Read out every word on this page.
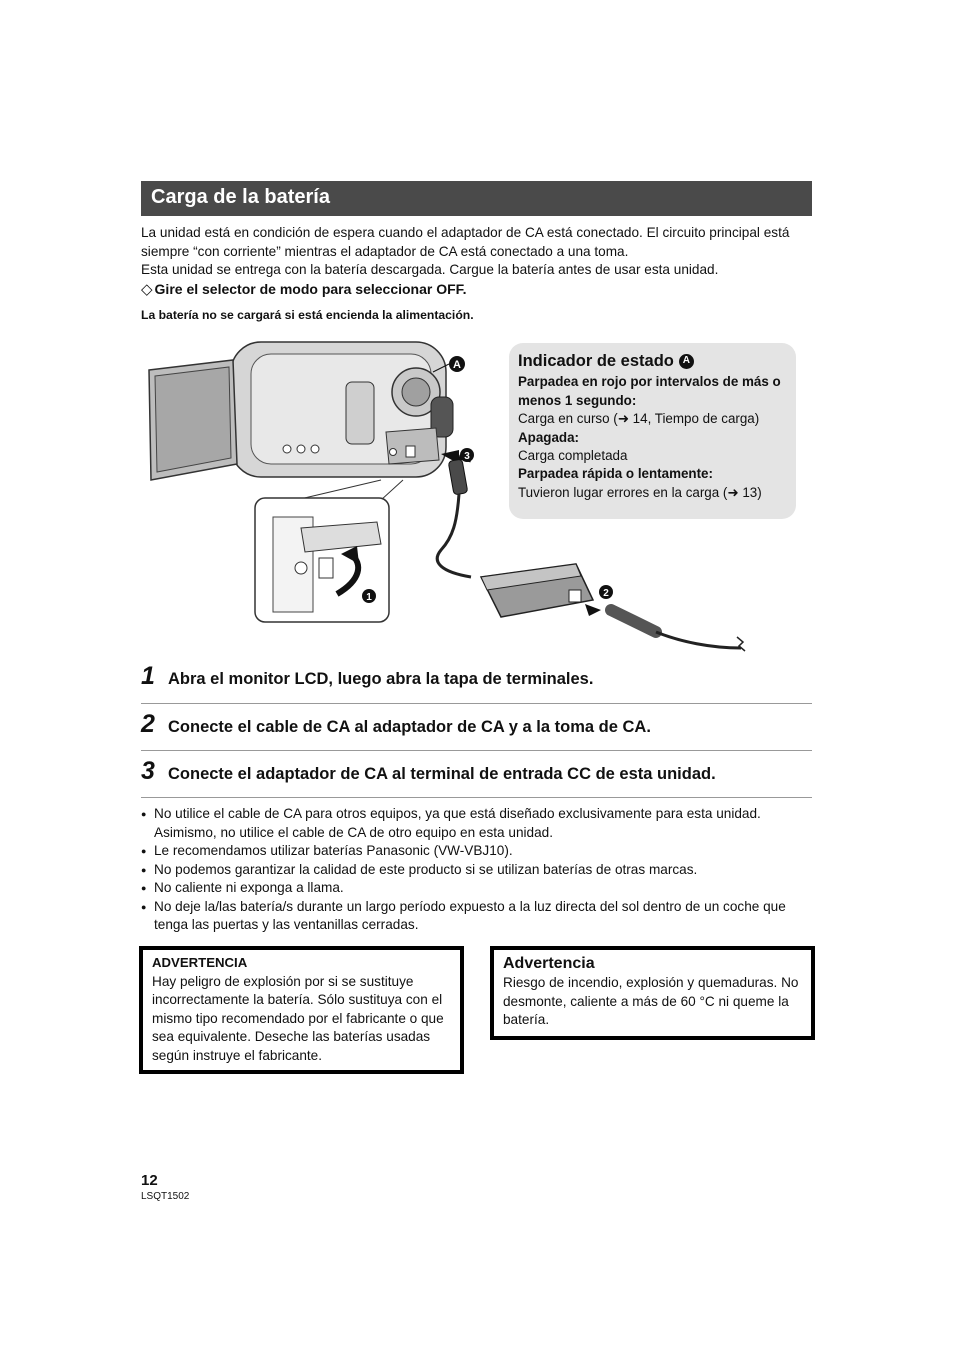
Carga de la batería

La unidad está en condición de espera cuando el adaptador de CA está conectado. El circuito principal está siempre “con corriente” mientras el adaptador de CA está conectado a una toma.

Esta unidad se entrega con la batería descargada. Cargue la batería antes de usar esta unidad.

◇ Gire el selector de modo para seleccionar OFF.
La batería no se cargará si está encienda la alimentación.
A
3
2
1
Indicador de estado A
Parpadea en rojo por intervalos de más o menos 1 segundo:
Carga en curso (➜ 14, Tiempo de carga)
Apagada:
Carga completada
Parpadea rápida o lentamente:
Tuvieron lugar errores en la carga (➜ 13)
1 Abra el monitor LCD, luego abra la tapa de terminales.
2 Conecte el cable de CA al adaptador de CA y a la toma de CA.
3 Conecte el adaptador de CA al terminal de entrada CC de esta unidad.
● No utilice el cable de CA para otros equipos, ya que está diseñado exclusivamente para esta unidad. Asimismo, no utilice el cable de CA de otro equipo en esta unidad.
● Le recomendamos utilizar baterías Panasonic (VW-VBJ10).
● No podemos garantizar la calidad de este producto si se utilizan baterías de otras marcas.
● No caliente ni exponga a llama.
● No deje la/las batería/s durante un largo período expuesto a la luz directa del sol dentro de un coche que tenga las puertas y las ventanillas cerradas.
ADVERTENCIA
Hay peligro de explosión por si se sustituye incorrectamente la batería. Sólo sustituya con el mismo tipo recomendado por el fabricante o que sea equivalente. Deseche las baterías usadas según instruye el fabricante.
Advertencia
Riesgo de incendio, explosión y quemaduras. No desmonte, caliente a más de 60 °C ni queme la batería.
12
LSQT1502
